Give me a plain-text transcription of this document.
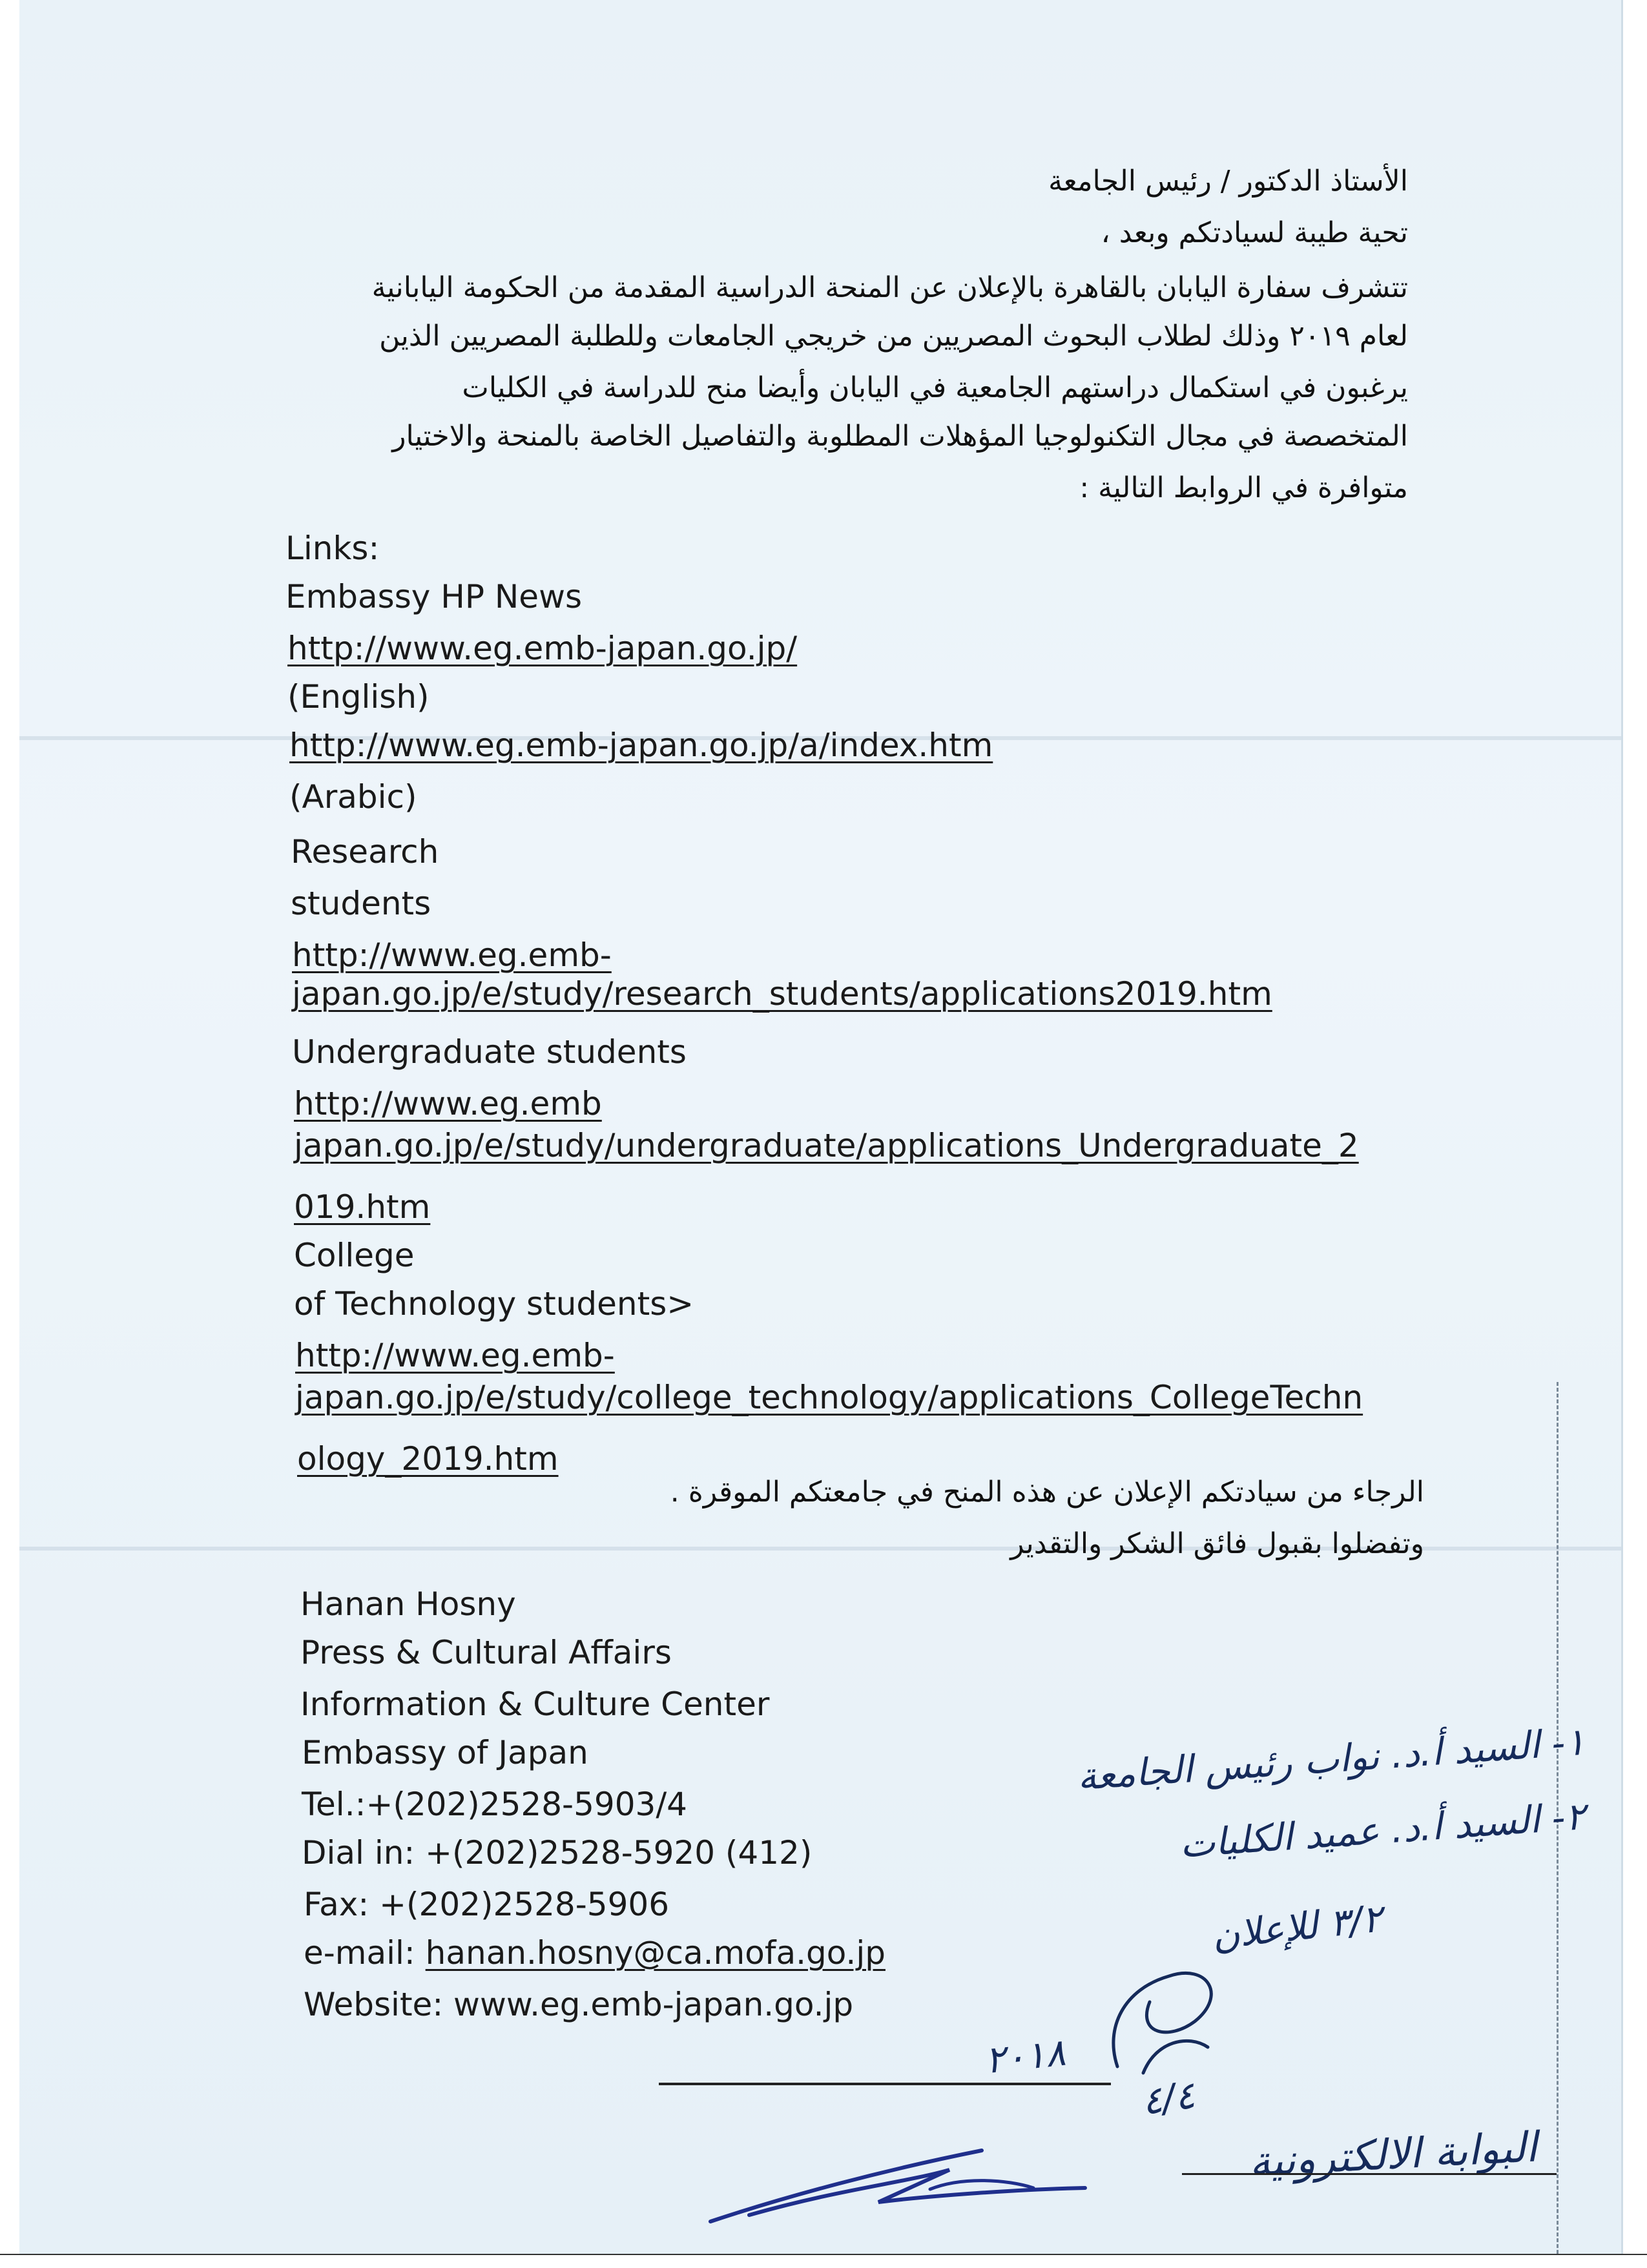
الأستاذ الدكتور / رئيس الجامعة
تحية طيبة لسيادتكم وبعد ،
تتشرف سفارة اليابان بالقاهرة بالإعلان عن المنحة الدراسية المقدمة من الحكومة اليابانية
لعام ٢٠١٩ وذلك لطلاب البحوث المصريين من خريجي الجامعات وللطلبة المصريين الذين
يرغبون في استكمال دراستهم الجامعية في اليابان وأيضا منح للدراسة في الكليات
المتخصصة في مجال التكنولوجيا المؤهلات المطلوبة والتفاصيل الخاصة بالمنحة والاختيار
متوافرة في الروابط التالية :
Links:
Embassy HP News
http://www.eg.emb-japan.go.jp/
(English)
http://www.eg.emb-japan.go.jp/a/index.htm
(Arabic)
Research
students
http://www.eg.emb-
japan.go.jp/e/study/research_students/applications2019.htm
Undergraduate students
http://www.eg.emb
japan.go.jp/e/study/undergraduate/applications_Undergraduate_2
019.htm
College
of Technology students>
http://www.eg.emb-
japan.go.jp/e/study/college_technology/applications_CollegeTechn
ology_2019.htm
الرجاء من سيادتكم الإعلان عن هذه المنح في جامعتكم الموقرة .
وتفضلوا بقبول فائق الشكر والتقدير
Hanan Hosny
Press & Cultural Affairs
Information & Culture Center
Embassy of Japan
Tel.:+(202)2528-5903/4
Dial in: +(202)2528-5920 (412)
Fax: +(202)2528-5906
e-mail: hanan.hosny@ca.mofa.go.jp
Website: www.eg.emb-japan.go.jp
١- السيد أ.د. نواب رئيس الجامعة
٢- السيد أ.د. عميد الكليات
٣/٢ للإعلان
٢٠١٨
٤/٤
البوابة الالكترونية
